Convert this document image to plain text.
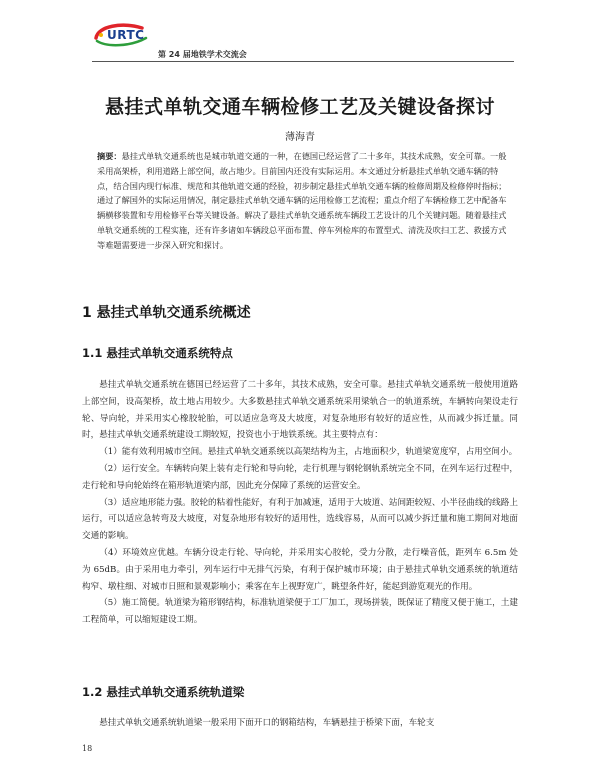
URTC
第 24 届地铁学术交流会
悬挂式单轨交通车辆检修工艺及关键设备探讨
薄海青
摘要：悬挂式单轨交通系统也是城市轨道交通的一种，在德国已经运营了二十多年，其技术成熟，安全可靠。一般采用高架桥，利用道路上部空间，故占地少。目前国内还没有实际运用。本文通过分析悬挂式单轨交通车辆的特点，结合国内现行标准、规范和其他轨道交通的经验，初步制定悬挂式单轨交通车辆的检修周期及检修停时指标；通过了解国外的实际运用情况，制定悬挂式单轨交通车辆的运用检修工艺流程；重点介绍了车辆检修工艺中配备车辆横移装置和专用检修平台等关键设备。解决了悬挂式单轨交通系统车辆段工艺设计的几个关键问题。随着悬挂式单轨交通系统的工程实施，还有许多诸如车辆段总平面布置、停车列检库的布置型式、清洗及吹扫工艺、救援方式等难题需要进一步深入研究和探讨。
1 悬挂式单轨交通系统概述
1.1 悬挂式单轨交通系统特点

悬挂式单轨交通系统在德国已经运营了二十多年，其技术成熟，安全可靠。悬挂式单轨交通系统一般使用道路上部空间，设高架桥，故土地占用较少。大多数悬挂式单轨交通系统采用梁轨合一的轨道系统，车辆转向架设走行轮、导向轮，并采用实心橡胶轮胎，可以适应急弯及大坡度，对复杂地形有较好的适应性，从而减少拆迁量。同时，悬挂式单轨交通系统建设工期较短，投资也小于地铁系统。其主要特点有：

（1）能有效利用城市空间。悬挂式单轨交通系统以高架结构为主，占地面积少，轨道梁宽度窄，占用空间小。

（2）运行安全。车辆转向架上装有走行轮和导向轮，走行机理与钢轮钢轨系统完全不同，在列车运行过程中，走行轮和导向轮始终在箱形轨道梁内部，因此充分保障了系统的运营安全。

（3）适应地形能力强。胶轮的粘着性能好，有利于加减速，适用于大坡道、站间距较短、小半径曲线的线路上运行，可以适应急转弯及大坡度，对复杂地形有较好的适用性，选线容易，从而可以减少拆迁量和施工期间对地面交通的影响。

（4）环境效应优越。车辆分设走行轮、导向轮，并采用实心胶轮，受力分散，走行噪音低，距列车 6.5m 处为 65dB。由于采用电力牵引，列车运行中无排气污染，有利于保护城市环境；由于悬挂式单轨交通系统的轨道结构窄、墩柱细、对城市日照和景观影响小；乘客在车上视野宽广，眺望条件好，能起到游览观光的作用。

（5）施工简便。轨道梁为箱形钢结构，标准轨道梁便于工厂加工，现场拼装，既保证了精度又便于施工，土建工程简单，可以缩短建设工期。

1.2 悬挂式单轨交通系统轨道梁

悬挂式单轨交通系统轨道梁一般采用下面开口的钢箱结构，车辆悬挂于桥梁下面，车轮支

18
